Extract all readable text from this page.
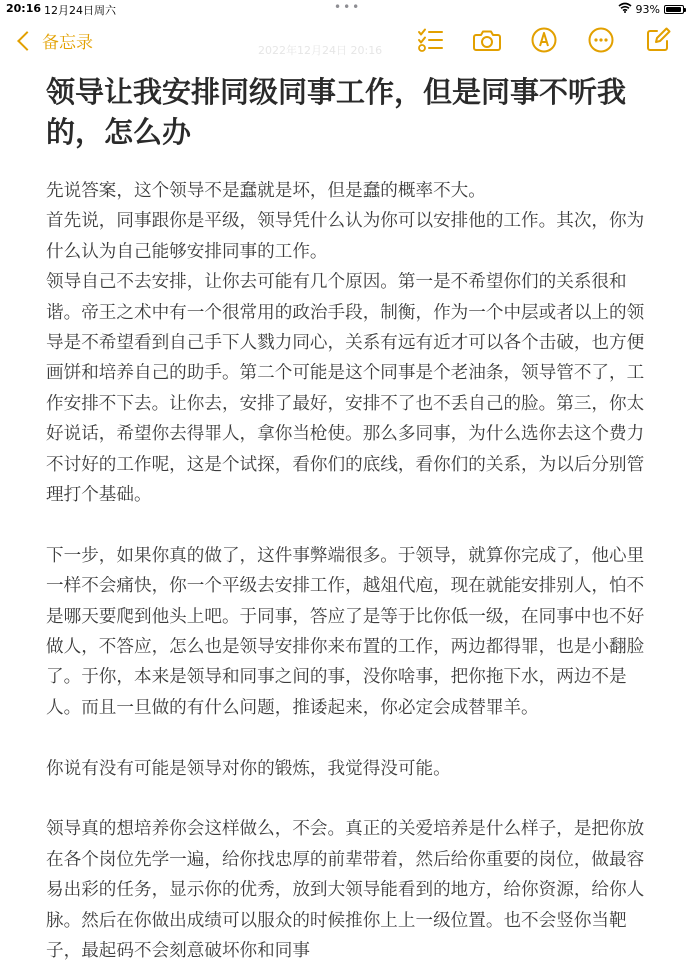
20:16 12月24日周六	•••	93%
备忘录	2022年12月24日 20:16
领导让我安排同级同事工作，但是同事不听我的，怎么办

先说答案，这个领导不是蠢就是坏，但是蠢的概率不大。

首先说，同事跟你是平级，领导凭什么认为你可以安排他的工作。其次，你为什么认为自己能够安排同事的工作。

领导自己不去安排，让你去可能有几个原因。第一是不希望你们的关系很和谐。帝王之术中有一个很常用的政治手段，制衡，作为一个中层或者以上的领导是不希望看到自己手下人戮力同心，关系有远有近才可以各个击破，也方便画饼和培养自己的助手。第二个可能是这个同事是个老油条，领导管不了，工作安排不下去。让你去，安排了最好，安排不了也不丢自己的脸。第三，你太好说话，希望你去得罪人，拿你当枪使。那么多同事，为什么选你去这个费力不讨好的工作呢，这是个试探，看你们的底线，看你们的关系，为以后分别管理打个基础。

下一步，如果你真的做了，这件事弊端很多。于领导，就算你完成了，他心里一样不会痛快，你一个平级去安排工作，越俎代庖，现在就能安排别人，怕不是哪天要爬到他头上吧。于同事，答应了是等于比你低一级，在同事中也不好做人，不答应，怎么也是领导安排你来布置的工作，两边都得罪，也是小翻脸了。于你，本来是领导和同事之间的事，没你啥事，把你拖下水，两边不是人。而且一旦做的有什么问题，推诿起来，你必定会成替罪羊。

你说有没有可能是领导对你的锻炼，我觉得没可能。

领导真的想培养你会这样做么，不会。真正的关爱培养是什么样子，是把你放在各个岗位先学一遍，给你找忠厚的前辈带着，然后给你重要的岗位，做最容易出彩的任务，显示你的优秀，放到大领导能看到的地方，给你资源，给你人脉。然后在你做出成绩可以服众的时候推你上上一级位置。也不会竖你当靶子，最起码不会刻意破坏你和同事
